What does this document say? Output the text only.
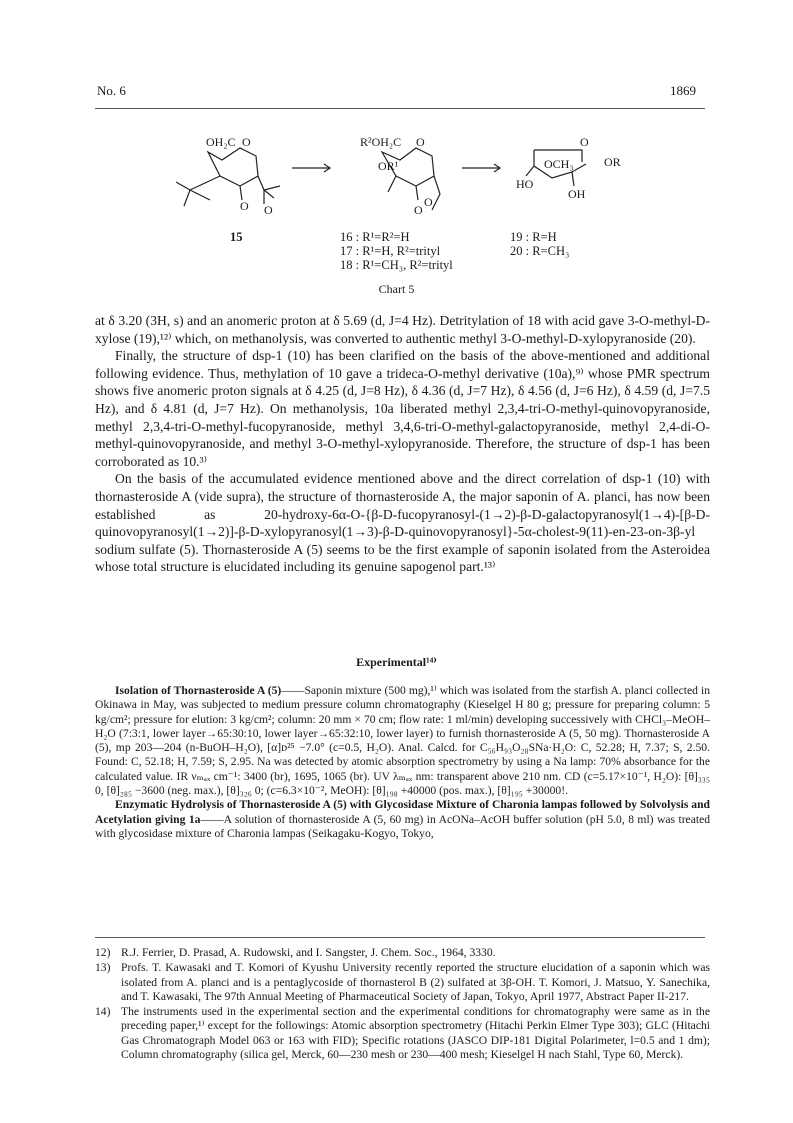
No. 6	1869
OH₂C O
O O
R²OH₂C O
OR¹
O
O
O
OCH₃	OR
HO
OH
15	16 : R¹=R²=H
17 : R¹=H, R²=trityl
18 : R¹=CH₃, R²=trityl
19 : R=H
20 : R=CH₃
Chart 5

at δ 3.20 (3H, s) and an anomeric proton at δ 5.69 (d, J=4 Hz). Detritylation of 18 with acid gave 3-O-methyl-D-xylose (19),¹²⁾ which, on methanolysis, was converted to authentic methyl 3-O-methyl-D-xylopyranoside (20).

Finally, the structure of dsp-1 (10) has been clarified on the basis of the above-mentioned and additional following evidence. Thus, methylation of 10 gave a trideca-O-methyl derivative (10a),⁹⁾ whose PMR spectrum shows five anomeric proton signals at δ 4.25 (d, J=8 Hz), δ 4.36 (d, J=7 Hz), δ 4.56 (d, J=6 Hz), δ 4.59 (d, J=7.5 Hz), and δ 4.81 (d, J=7 Hz). On methanolysis, 10a liberated methyl 2,3,4-tri-O-methyl-quinovopyranoside, methyl 2,3,4-tri-O-methyl-fucopyranoside, methyl 3,4,6-tri-O-methyl-galactopyranoside, methyl 2,4-di-O-methyl-quinovopyranoside, and methyl 3-O-methyl-xylopyranoside. Therefore, the structure of dsp-1 has been corroborated as 10.³⁾

On the basis of the accumulated evidence mentioned above and the direct correlation of dsp-1 (10) with thornasteroside A (vide supra), the structure of thornasteroside A, the major saponin of A. planci, has now been established as 20-hydroxy-6α-O-{β-D-fucopyranosyl-(1→2)-β-D-galactopyranosyl(1→4)-[β-D-quinovopyranosyl(1→2)]-β-D-xylopyranosyl(1→3)-β-D-quinovopyranosyl}-5α-cholest-9(11)-en-23-on-3β-yl sodium sulfate (5). Thornasteroside A (5) seems to be the first example of saponin isolated from the Asteroidea whose total structure is elucidated including its genuine sapogenol part.¹³⁾

Experimental¹⁴⁾

Isolation of Thornasteroside A (5)——Saponin mixture (500 mg),¹⁾ which was isolated from the starfish A. planci collected in Okinawa in May, was subjected to medium pressure column chromatography (Kieselgel H 80 g; pressure for preparing column: 5 kg/cm²; pressure for elution: 3 kg/cm²; column: 20 mm × 70 cm; flow rate: 1 ml/min) developing successively with CHCl₃–MeOH–H₂O (7:3:1, lower layer→65:30:10, lower layer→65:32:10, lower layer) to furnish thornasteroside A (5, 50 mg). Thornasteroside A (5), mp 203—204 (n-BuOH–H₂O), [α]ᴅ²⁵ −7.0° (c=0.5, H₂O). Anal. Calcd. for C₅₆H₉₃O₂₈SNa·H₂O: C, 52.28; H, 7.37; S, 2.50. Found: C, 52.18; H, 7.59; S, 2.95. Na was detected by atomic absorption spectrometry by using a Na lamp: 70% absorbance for the calculated value. IR νₘₐₓ cm⁻¹: 3400 (br), 1695, 1065 (br). UV λₘₐₓ nm: transparent above 210 nm. CD (c=5.17×10⁻¹, H₂O): [θ]₃₃₅ 0, [θ]₂₈₅ −3600 (neg. max.), [θ]₃₂₆ 0; (c=6.3×10⁻², MeOH): [θ]₁₉₈ +40000 (pos. max.), [θ]₁₉₅ +30000!.

Enzymatic Hydrolysis of Thornasteroside A (5) with Glycosidase Mixture of Charonia lampas followed by Solvolysis and Acetylation giving 1a——A solution of thornasteroside A (5, 60 mg) in AcONa–AcOH buffer solution (pH 5.0, 8 ml) was treated with glycosidase mixture of Charonia lampas (Seikagaku-Kogyo, Tokyo,

12) R.J. Ferrier, D. Prasad, A. Rudowski, and I. Sangster, J. Chem. Soc., 1964, 3330.
13) Profs. T. Kawasaki and T. Komori of Kyushu University recently reported the structure elucidation of a saponin which was isolated from A. planci and is a pentaglycoside of thornasterol B (2) sulfated at 3β-OH. T. Komori, J. Matsuo, Y. Sanechika, and T. Kawasaki, The 97th Annual Meeting of Pharmaceutical Society of Japan, Tokyo, April 1977, Abstract Paper II-217.
14) The instruments used in the experimental section and the experimental conditions for chromatography were same as in the preceding paper,¹⁾ except for the followings: Atomic absorption spectrometry (Hitachi Perkin Elmer Type 303); GLC (Hitachi Gas Chromatograph Model 063 or 163 with FID); Specific rotations (JASCO DIP-181 Digital Polarimeter, l=0.5 and 1 dm); Column chromatography (silica gel, Merck, 60—230 mesh or 230—400 mesh; Kieselgel H nach Stahl, Type 60, Merck).
